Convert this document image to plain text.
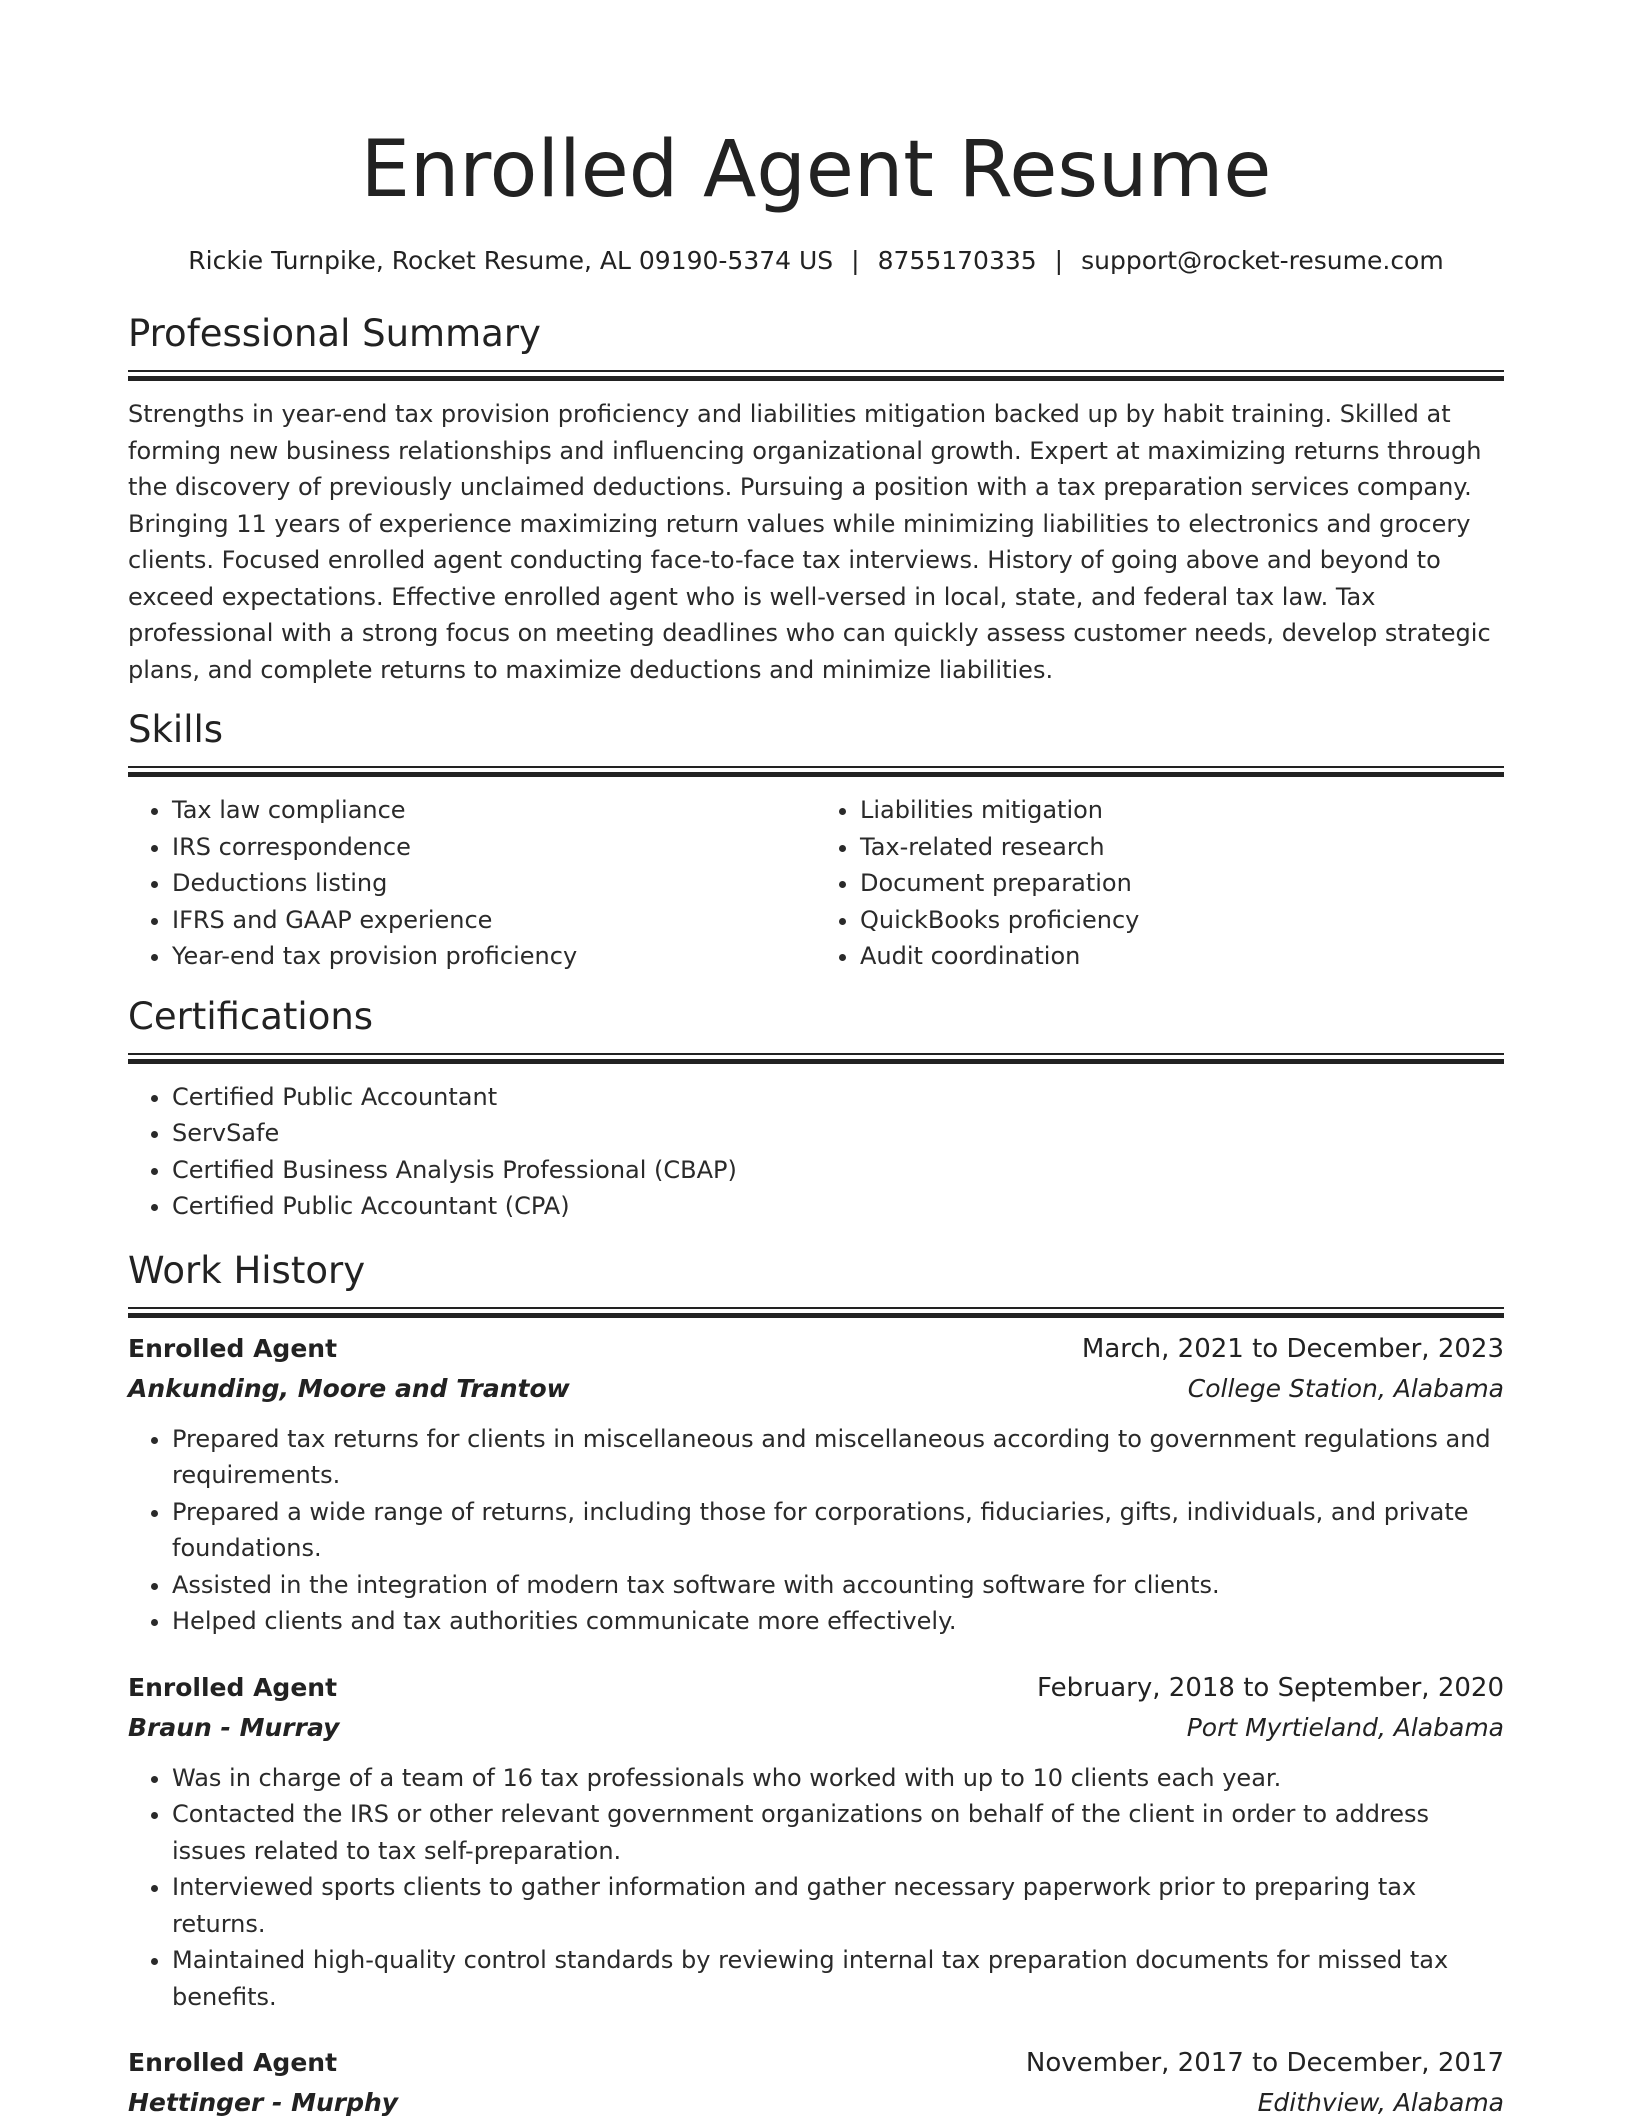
Enrolled Agent Resume
Rickie Turnpike, Rocket Resume, AL 09190-5374 US | 8755170335 | support@rocket-resume.com
Professional Summary

Strengths in year-end tax provision proficiency and liabilities mitigation backed up by habit training. Skilled at forming new business relationships and influencing organizational growth. Expert at maximizing returns through the discovery of previously unclaimed deductions. Pursuing a position with a tax preparation services company. Bringing 11 years of experience maximizing return values while minimizing liabilities to electronics and grocery clients. Focused enrolled agent conducting face-to-face tax interviews. History of going above and beyond to exceed expectations. Effective enrolled agent who is well-versed in local, state, and federal tax law. Tax professional with a strong focus on meeting deadlines who can quickly assess customer needs, develop strategic plans, and complete returns to maximize deductions and minimize liabilities.

Skills
• Tax law compliance
• IRS correspondence
• Deductions listing
• IFRS and GAAP experience
• Year-end tax provision proficiency
• Liabilities mitigation
• Tax-related research
• Document preparation
• QuickBooks proficiency
• Audit coordination
Certifications
• Certified Public Accountant
• ServSafe
• Certified Business Analysis Professional (CBAP)
• Certified Public Accountant (CPA)
Work History
Enrolled Agent	March, 2021 to December, 2023
Ankunding, Moore and Trantow	College Station, Alabama
• Prepared tax returns for clients in miscellaneous and miscellaneous according to government regulations and requirements.
• Prepared a wide range of returns, including those for corporations, fiduciaries, gifts, individuals, and private foundations.
• Assisted in the integration of modern tax software with accounting software for clients.
• Helped clients and tax authorities communicate more effectively.
Enrolled Agent	February, 2018 to September, 2020
Braun - Murray	Port Myrtieland, Alabama
• Was in charge of a team of 16 tax professionals who worked with up to 10 clients each year.
• Contacted the IRS or other relevant government organizations on behalf of the client in order to address issues related to tax self-preparation.
• Interviewed sports clients to gather information and gather necessary paperwork prior to preparing tax returns.
• Maintained high-quality control standards by reviewing internal tax preparation documents for missed tax benefits.
Enrolled Agent	November, 2017 to December, 2017
Hettinger - Murphy	Edithview, Alabama
